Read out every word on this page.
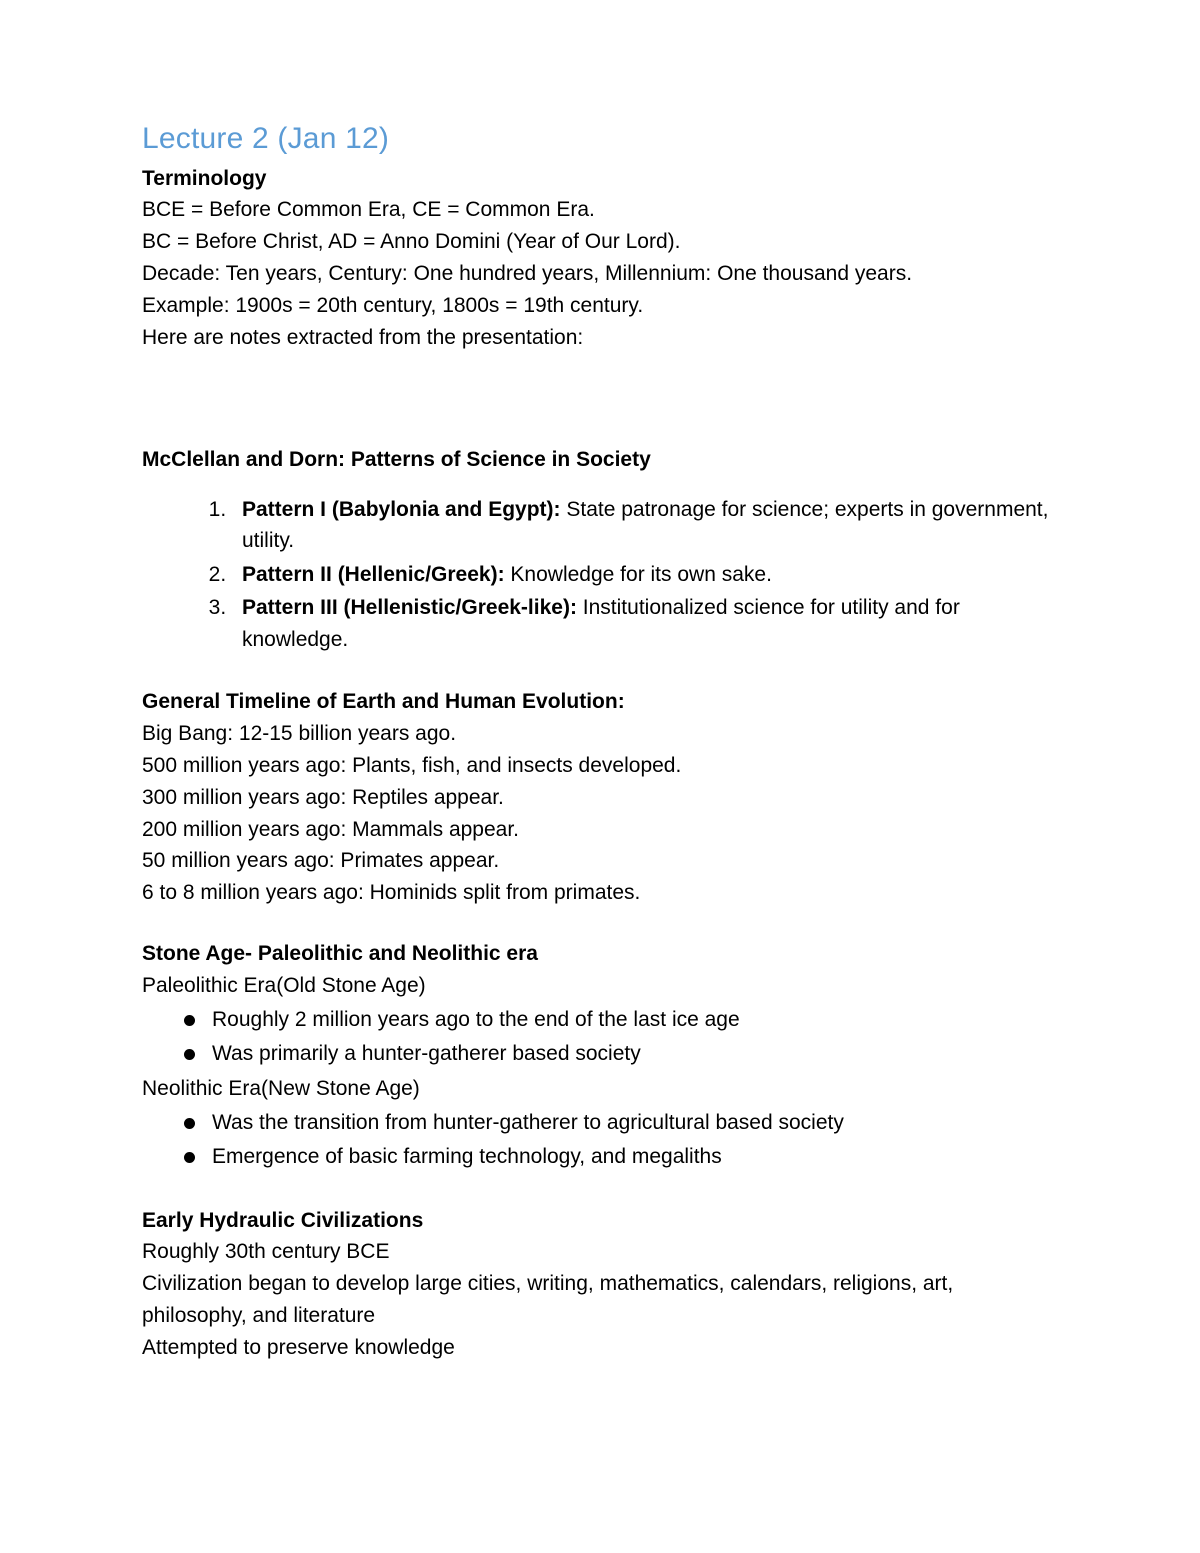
Lecture 2 (Jan 12)

Terminology

BCE = Before Common Era, CE = Common Era.

BC = Before Christ, AD = Anno Domini (Year of Our Lord).

Decade: Ten years, Century: One hundred years, Millennium: One thousand years.

Example: 1900s = 20th century, 1800s = 19th century.

Here are notes extracted from the presentation:

McClellan and Dorn: Patterns of Science in Society

1. Pattern I (Babylonia and Egypt): State patronage for science; experts in government, utility.
2. Pattern II (Hellenic/Greek): Knowledge for its own sake.
3. Pattern III (Hellenistic/Greek-like): Institutionalized science for utility and for knowledge.

General Timeline of Earth and Human Evolution:

Big Bang: 12-15 billion years ago.

500 million years ago: Plants, fish, and insects developed.

300 million years ago: Reptiles appear.

200 million years ago: Mammals appear.

50 million years ago: Primates appear.

6 to 8 million years ago: Hominids split from primates.

Stone Age- Paleolithic and Neolithic era

Paleolithic Era(Old Stone Age)

Roughly 2 million years ago to the end of the last ice age
Was primarily a hunter-gatherer based society

Neolithic Era(New Stone Age)

Was the transition from hunter-gatherer to agricultural based society
Emergence of basic farming technology, and megaliths

Early Hydraulic Civilizations

Roughly 30th century BCE

Civilization began to develop large cities, writing, mathematics, calendars, religions, art, philosophy, and literature

Attempted to preserve knowledge
